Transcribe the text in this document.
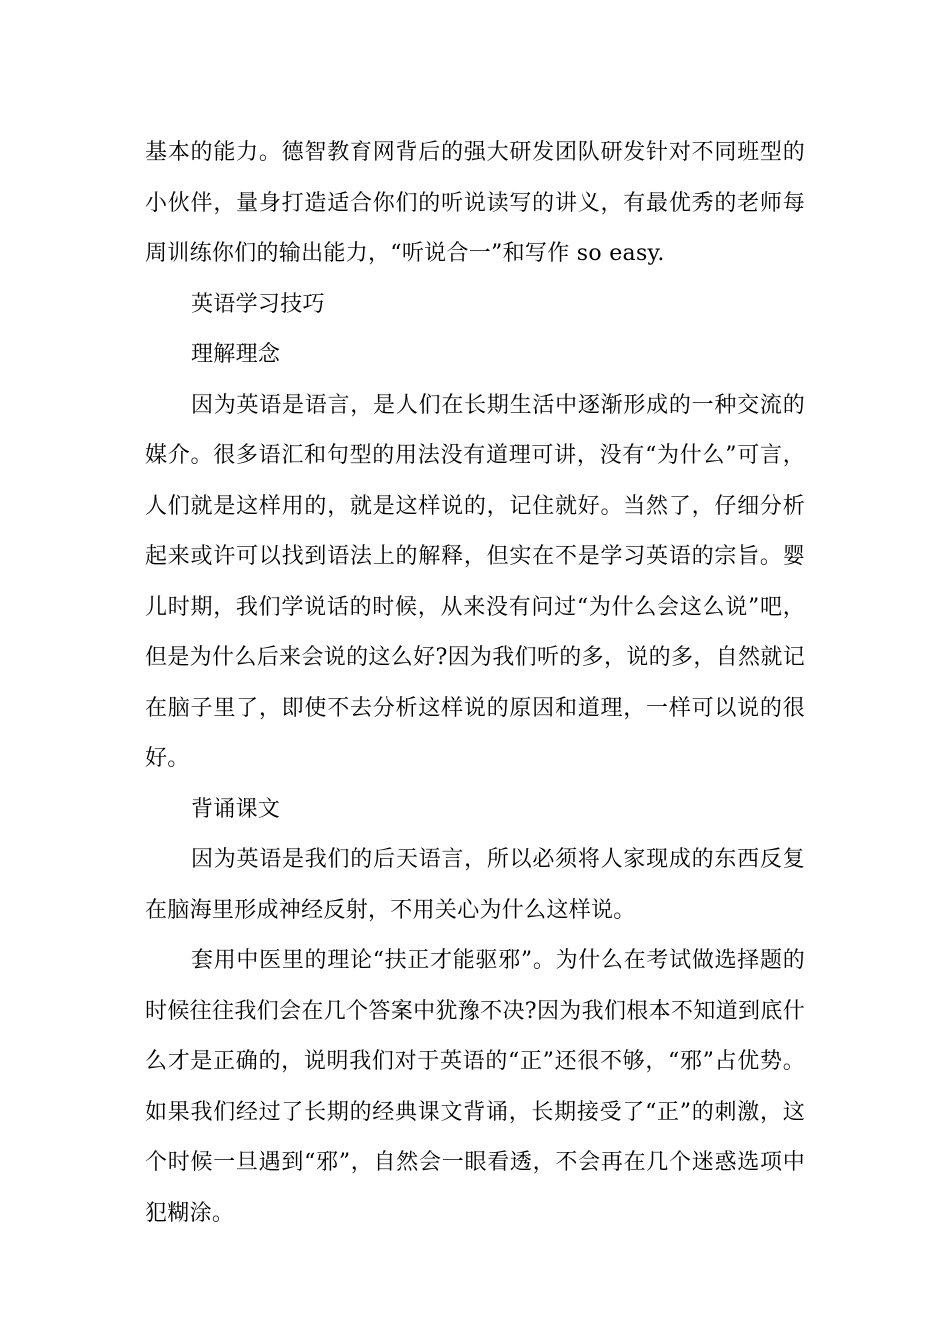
基本的能力。德智教育网背后的强大研发团队研发针对不同班型的小伙伴，量身打造适合你们的听说读写的讲义，有最优秀的老师每周训练你们的输出能力，“听说合一”和写作 so easy.

英语学习技巧

理解理念

因为英语是语言，是人们在长期生活中逐渐形成的一种交流的媒介。很多语汇和句型的用法没有道理可讲，没有“为什么”可言，人们就是这样用的，就是这样说的，记住就好。当然了，仔细分析起来或许可以找到语法上的解释，但实在不是学习英语的宗旨。婴儿时期，我们学说话的时候，从来没有问过“为什么会这么说”吧，但是为什么后来会说的这么好?因为我们听的多，说的多，自然就记在脑子里了，即使不去分析这样说的原因和道理，一样可以说的很好。

背诵课文

因为英语是我们的后天语言，所以必须将人家现成的东西反复在脑海里形成神经反射，不用关心为什么这样说。

套用中医里的理论“扶正才能驱邪”。为什么在考试做选择题的时候往往我们会在几个答案中犹豫不决?因为我们根本不知道到底什么才是正确的，说明我们对于英语的“正”还很不够，“邪”占优势。如果我们经过了长期的经典课文背诵，长期接受了“正”的刺激，这个时候一旦遇到“邪”，自然会一眼看透，不会再在几个迷惑选项中犯糊涂。
